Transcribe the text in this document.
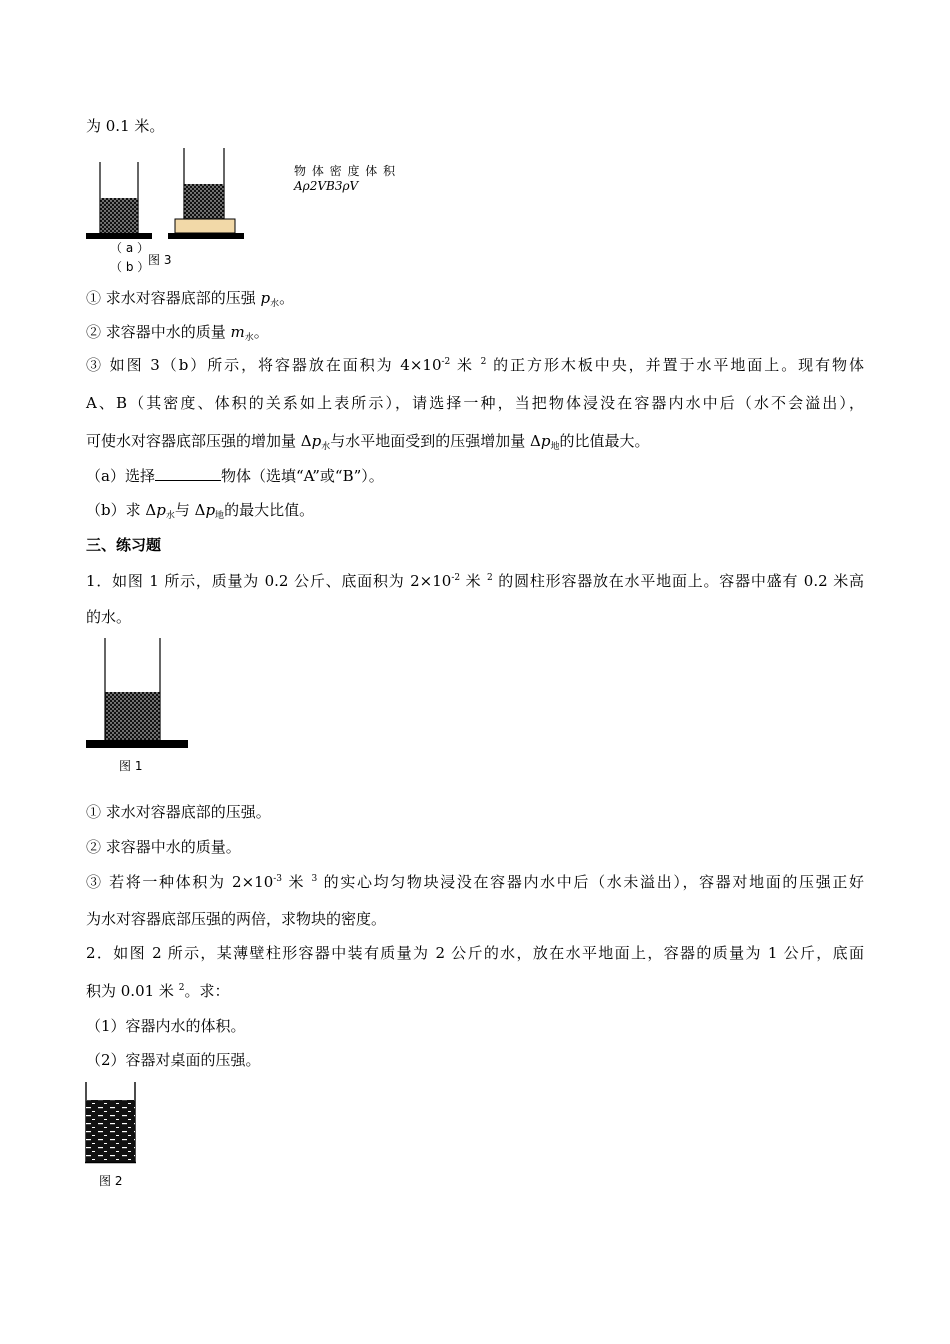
为 0.1 米。
（ a ）
（ b ）
图 3
物 体 密 度 体 积
Aρ2VB3ρV
① 求水对容器底部的压强 $p_水$。
② 求容器中水的质量 $m_水$。
③ 如图 3（b）所示，将容器放在面积为 $4\times 10^{-2}$ 米 $^2$ 的正方形木板中央，并置于水平地面上。现有物体
A、B（其密度、体积的关系如上表所示），请选择一种，当把物体浸没在容器内水中后（水不会溢出），
可使水对容器底部压强的增加量 $\Delta p_水$与水平地面受到的压强增加量 $\Delta p_地$的比值最大。
（a）选择	物体（选填“A”或“B”）。
（b）求 $\Delta p_水$与 $\Delta p_地$的最大比值。
三、练习题
1．如图 1 所示，质量为 0.2 公斤、底面积为 $2\times 10^{-2}$ 米 $^2$ 的圆柱形容器放在水平地面上。容器中盛有 0.2 米高
的水。
图 1
① 求水对容器底部的压强。
② 求容器中水的质量。
③ 若将一种体积为 $2\times 10^{-3}$ 米 $^3$ 的实心均匀物块浸没在容器内水中后（水未溢出），容器对地面的压强正好
为水对容器底部压强的两倍，求物块的密度。
2．如图 2 所示，某薄壁柱形容器中装有质量为 2 公斤的水，放在水平地面上，容器的质量为 1 公斤，底面
积为 0.01 米 $^2$。求：
（1）容器内水的体积。
（2）容器对桌面的压强。
图 2
